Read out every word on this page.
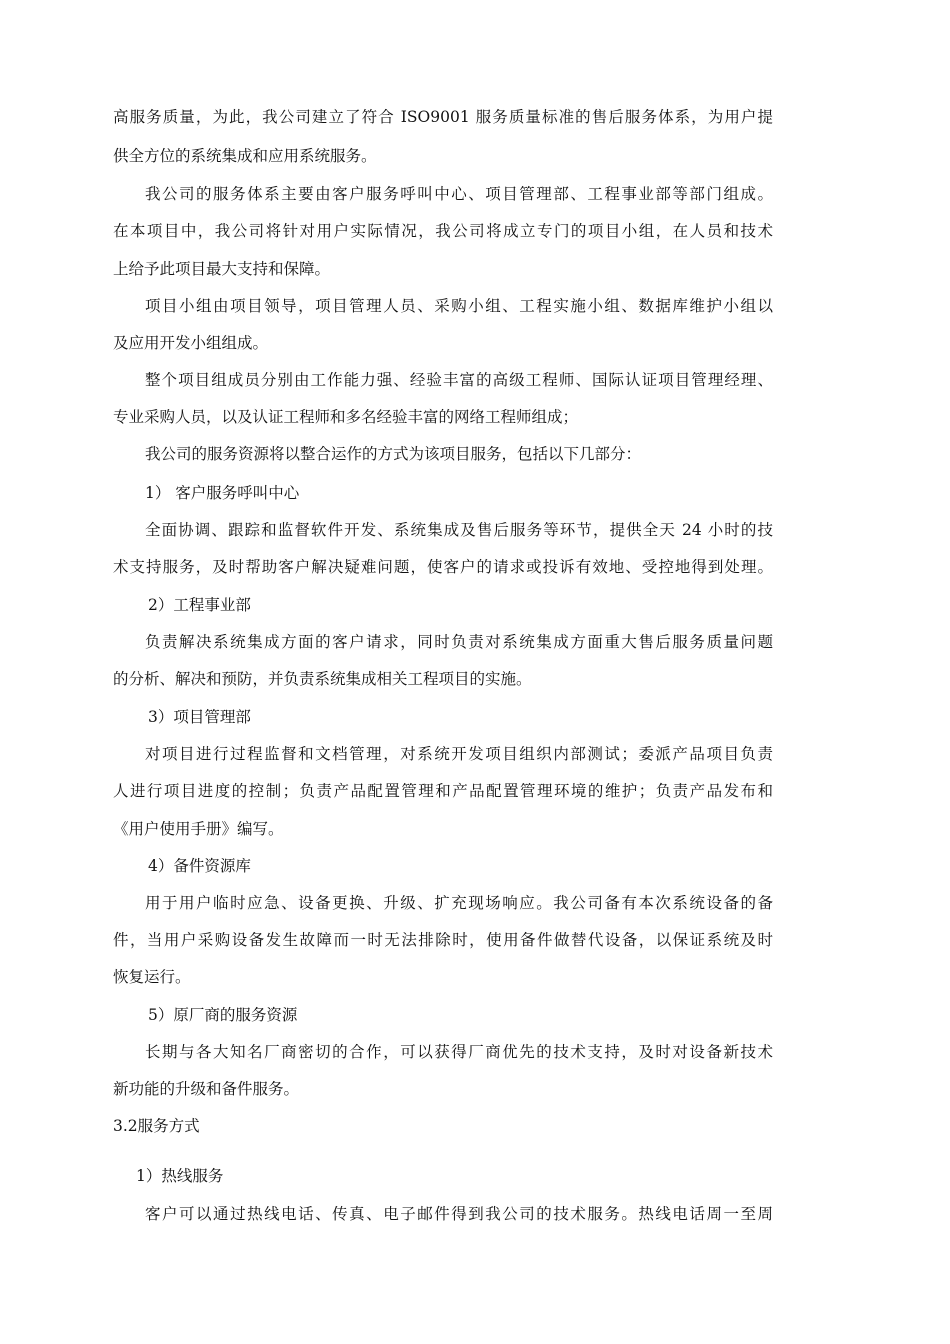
高服务质量，为此，我公司建立了符合 ISO9001 服务质量标准的售后服务体系，为用户提
供全方位的系统集成和应用系统服务。
我公司的服务体系主要由客户服务呼叫中心、项目管理部、工程事业部等部门组成。
在本项目中，我公司将针对用户实际情况，我公司将成立专门的项目小组，在人员和技术
上给予此项目最大支持和保障。
项目小组由项目领导，项目管理人员、采购小组、工程实施小组、数据库维护小组以
及应用开发小组组成。
整个项目组成员分别由工作能力强、经验丰富的高级工程师、国际认证项目管理经理、
专业采购人员，以及认证工程师和多名经验丰富的网络工程师组成；
我公司的服务资源将以整合运作的方式为该项目服务，包括以下几部分：
1） 客户服务呼叫中心
全面协调、跟踪和监督软件开发、系统集成及售后服务等环节，提供全天 24 小时的技
术支持服务，及时帮助客户解决疑难问题，使客户的请求或投诉有效地、受控地得到处理。
2）工程事业部
负责解决系统集成方面的客户请求，同时负责对系统集成方面重大售后服务质量问题
的分析、解决和预防，并负责系统集成相关工程项目的实施。
3）项目管理部
对项目进行过程监督和文档管理，对系统开发项目组织内部测试；委派产品项目负责
人进行项目进度的控制；负责产品配置管理和产品配置管理环境的维护；负责产品发布和
《用户使用手册》编写。
4）备件资源库
用于用户临时应急、设备更换、升级、扩充现场响应。我公司备有本次系统设备的备
件，当用户采购设备发生故障而一时无法排除时，使用备件做替代设备，以保证系统及时
恢复运行。
5）原厂商的服务资源
长期与各大知名厂商密切的合作，可以获得厂商优先的技术支持，及时对设备新技术
新功能的升级和备件服务。
3.2服务方式
1）热线服务
客户可以通过热线电话、传真、电子邮件得到我公司的技术服务。热线电话周一至周
